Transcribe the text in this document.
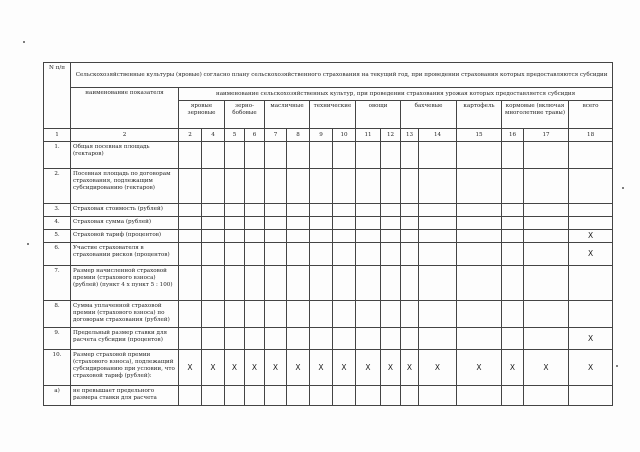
N п/п	Сельскохозяйственные культуры (яровые) согласно плану сельскохозяйственного страхования на текущий год, при проведении страхования которых предоставляются субсидии																
	наименование показателя	наименование сельскохозяйственных культур, при проведении страхования урожая которых предоставляется субсидия															
		яровые зерновые		зерно-бобовые		масличные		технические		овощи		бахчевые		картофель	кормовые (включая многолетние травы)		всего
1	2	2	4	5	6	7	8	9	10	11	12	13	14	15	16	17	18
1.	Общая посевная площадь (гектаров)																
2.	Посевная площадь по договорам страхования, подлежащим субсидированию (гектаров)																
3.	Страховая стоимость (рублей)																
4.	Страховая сумма (рублей)																
5.	Страховой тариф (процентов)																X
6.	Участие страхователя в страховании рисков (процентов)																X
7.	Размер начисленной страховой премии (страхового взноса) (рублей) (пункт 4 х пункт 5 : 100)																
8.	Сумма уплаченной страховой премии (страхового взноса) по договорам страхования (рублей)																
9.	Предельный размер ставки для расчета субсидии (процентов)																X
10.	Размер страховой премии (страхового взноса), подлежащий субсидированию при условии, что страховой тариф (рублей):	X	X	X	X	X	X	X	X	X	X	X	X	X	X	X	X
а)	не превышает предельного размера ставки для расчета																
